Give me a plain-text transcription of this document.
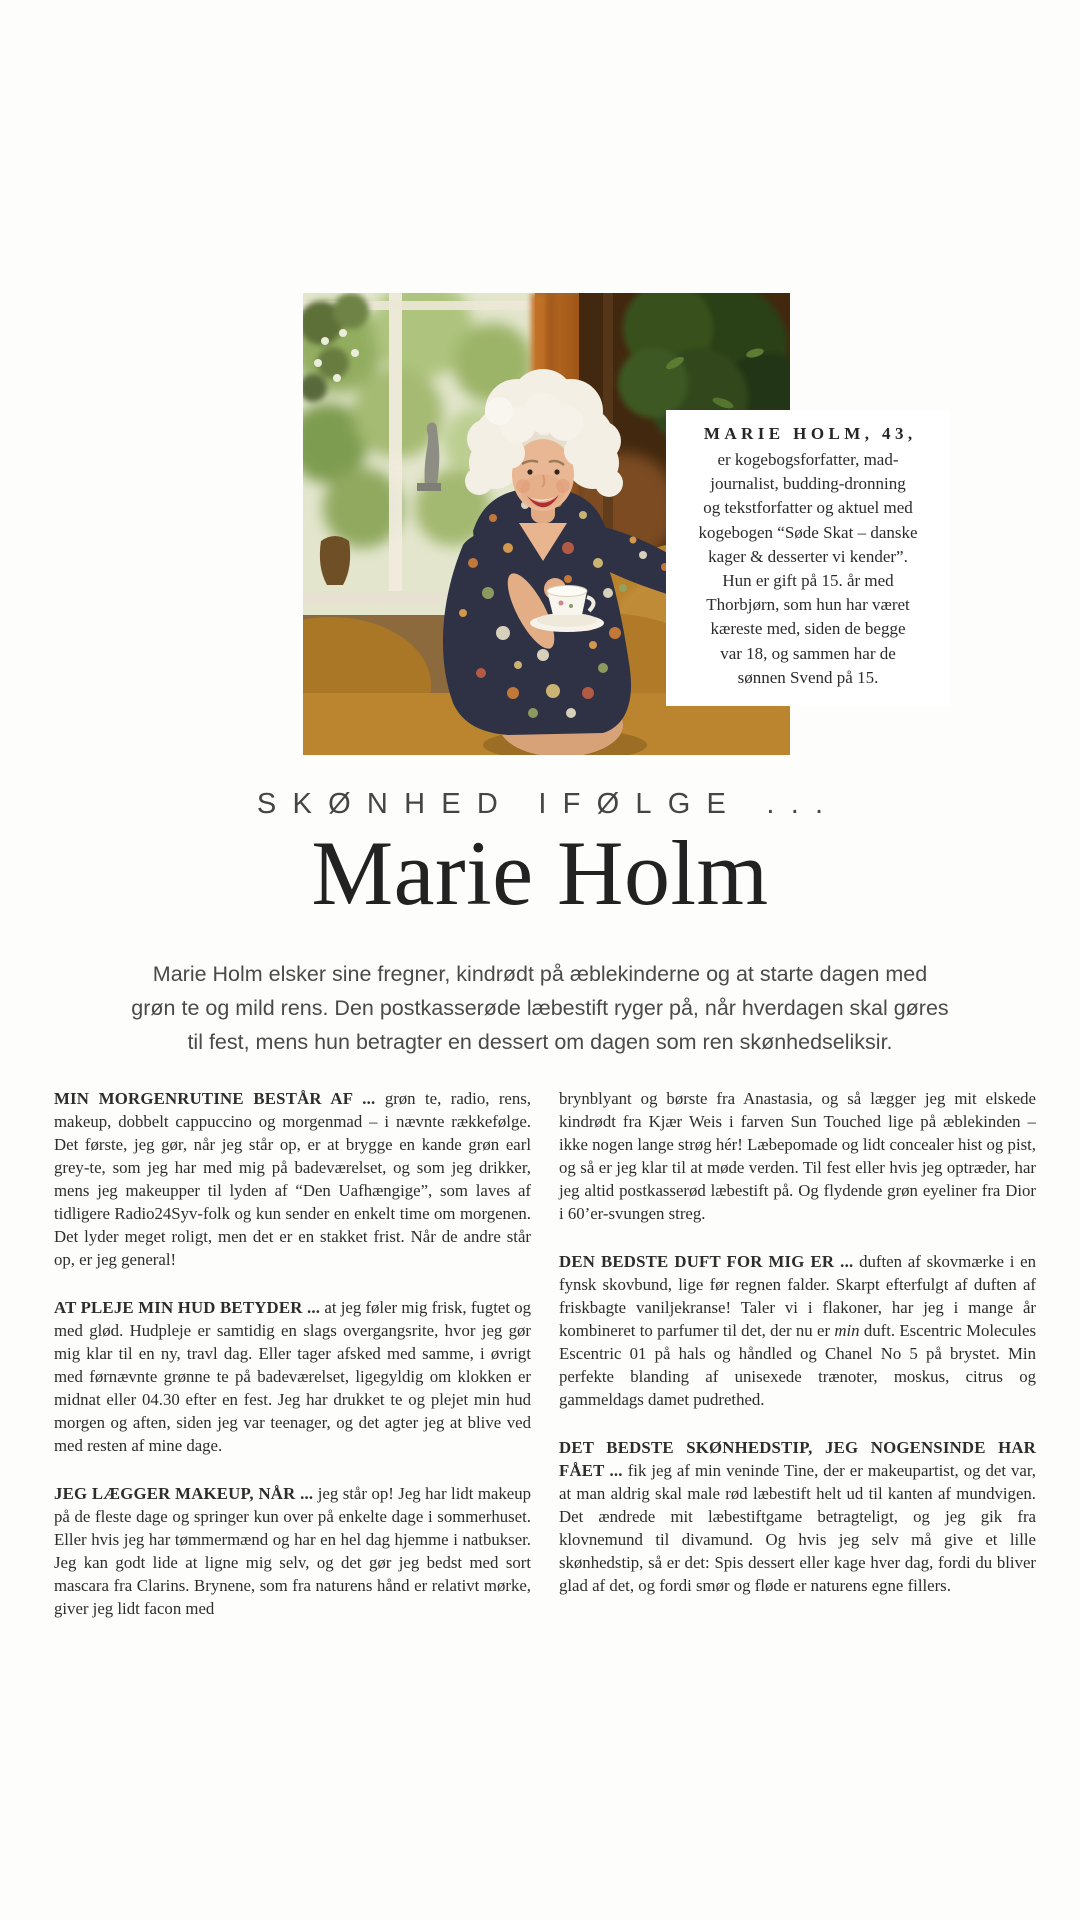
MARIE HOLM, 43,
er kogebogsforfatter, mad-
journalist, budding-dronning
og tekstforfatter og aktuel med
kogebogen “Søde Skat – danske
kager & desserter vi kender”.
Hun er gift på 15. år med
Thorbjørn, som hun har været
kæreste med, siden de begge
var 18, og sammen har de
sønnen Svend på 15.
SKØNHED IFØLGE ...
Marie Holm
Marie Holm elsker sine fregner, kindrødt på æblekinderne og at starte dagen med
grøn te og mild rens. Den postkasserøde læbestift ryger på, når hverdagen skal gøres
til fest, mens hun betragter en dessert om dagen som ren skønhedseliksir.

MIN MORGENRUTINE BESTÅR AF ... grøn te, radio, rens, makeup, dobbelt cappuccino og morgenmad – i nævnte rækkefølge. Det første, jeg gør, når jeg står op, er at brygge en kande grøn earl grey-te, som jeg har med mig på badeværelset, og som jeg drikker, mens jeg makeupper til lyden af “Den Uafhængige”, som laves af tidligere Radio24Syv-folk og kun sender en enkelt time om morgenen. Det lyder meget roligt, men det er en stakket frist. Når de andre står op, er jeg general!

AT PLEJE MIN HUD BETYDER ... at jeg føler mig frisk, fugtet og med glød. Hudpleje er samtidig en slags overgangsrite, hvor jeg gør mig klar til en ny, travl dag. Eller tager afsked med samme, i øvrigt med førnævnte grønne te på badeværelset, ligegyldig om klokken er midnat eller 04.30 efter en fest. Jeg har drukket te og plejet min hud morgen og aften, siden jeg var teenager, og det agter jeg at blive ved med resten af mine dage.

JEG LÆGGER MAKEUP, NÅR ... jeg står op! Jeg har lidt makeup på de fleste dage og springer kun over på enkelte dage i sommerhuset. Eller hvis jeg har tømmermænd og har en hel dag hjemme i natbukser. Jeg kan godt lide at ligne mig selv, og det gør jeg bedst med sort mascara fra Clarins. Brynene, som fra naturens hånd er relativt mørke, giver jeg lidt facon med

brynblyant og børste fra Anastasia, og så lægger jeg mit elskede kindrødt fra Kjær Weis i farven Sun Touched lige på æblekinden – ikke nogen lange strøg hér! Læbepomade og lidt concealer hist og pist, og så er jeg klar til at møde verden. Til fest eller hvis jeg optræder, har jeg altid postkasserød læbestift på. Og flydende grøn eyeliner fra Dior i 60’er-svungen streg.

DEN BEDSTE DUFT FOR MIG ER ... duften af skovmærke i en fynsk skovbund, lige før regnen falder. Skarpt efterfulgt af duften af friskbagte vaniljekranse! Taler vi i flakoner, har jeg i mange år kombineret to parfumer til det, der nu er min duft. Escentric Molecules Escentric 01 på hals og håndled og Chanel No 5 på brystet. Min perfekte blanding af unisexede trænoter, moskus, citrus og gammeldags damet pudrethed.

DET BEDSTE SKØNHEDSTIP, JEG NOGENSINDE HAR FÅET ... fik jeg af min veninde Tine, der er makeupartist, og det var, at man aldrig skal male rød læbestift helt ud til kanten af mundvigen. Det ændrede mit læbestiftgame betragteligt, og jeg gik fra klovnemund til divamund. Og hvis jeg selv må give et lille skønhedstip, så er det: Spis dessert eller kage hver dag, fordi du bliver glad af det, og fordi smør og fløde er naturens egne fillers.
